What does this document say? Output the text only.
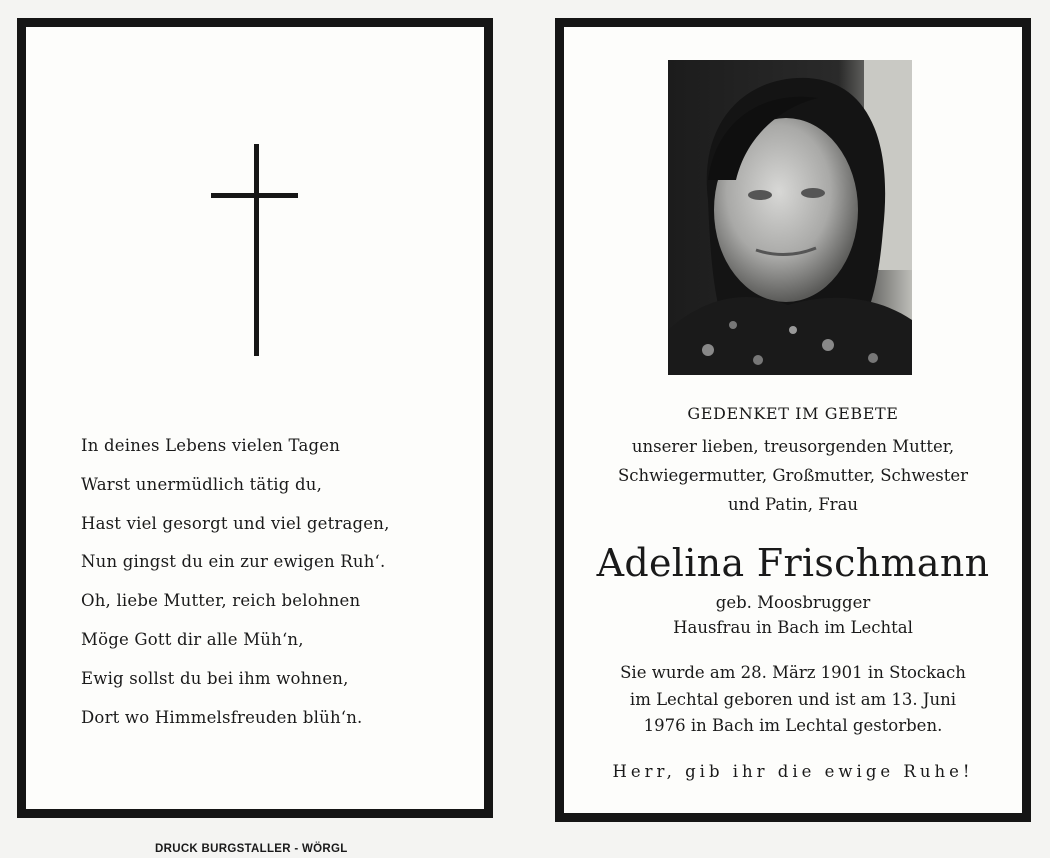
In deines Lebens vielen Tagen
Warst unermüdlich tätig du,
Hast viel gesorgt und viel getragen,
Nun gingst du ein zur ewigen Ruh‘.
Oh, liebe Mutter, reich belohnen
Möge Gott dir alle Müh‘n,
Ewig sollst du bei ihm wohnen,
Dort wo Himmelsfreuden blüh‘n.
GEDENKET IM GEBETE
unserer lieben, treusorgenden Mutter,
Schwiegermutter, Großmutter, Schwester
und Patin, Frau
Adelina Frischmann
geb. Moosbrugger
Hausfrau in Bach im Lechtal
Sie wurde am 28. März 1901 in Stockach
im Lechtal geboren und ist am 13. Juni
1976 in Bach im Lechtal gestorben.
Herr, gib ihr die ewige Ruhe!
DRUCK BURGSTALLER - WÖRGL
